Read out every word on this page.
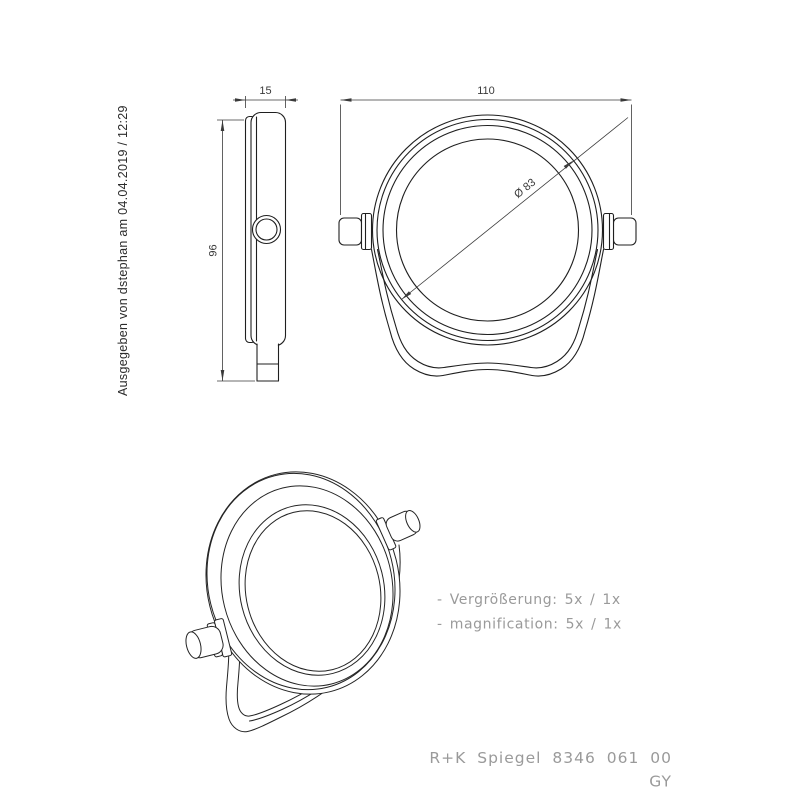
Ausgegeben von dstephan am 04.04.2019 / 12:29
15
96
110
Ø 83
- Vergrößerung: 5x / 1x
- magnification: 5x / 1x
R+K Spiegel 8346 061 00
GY
